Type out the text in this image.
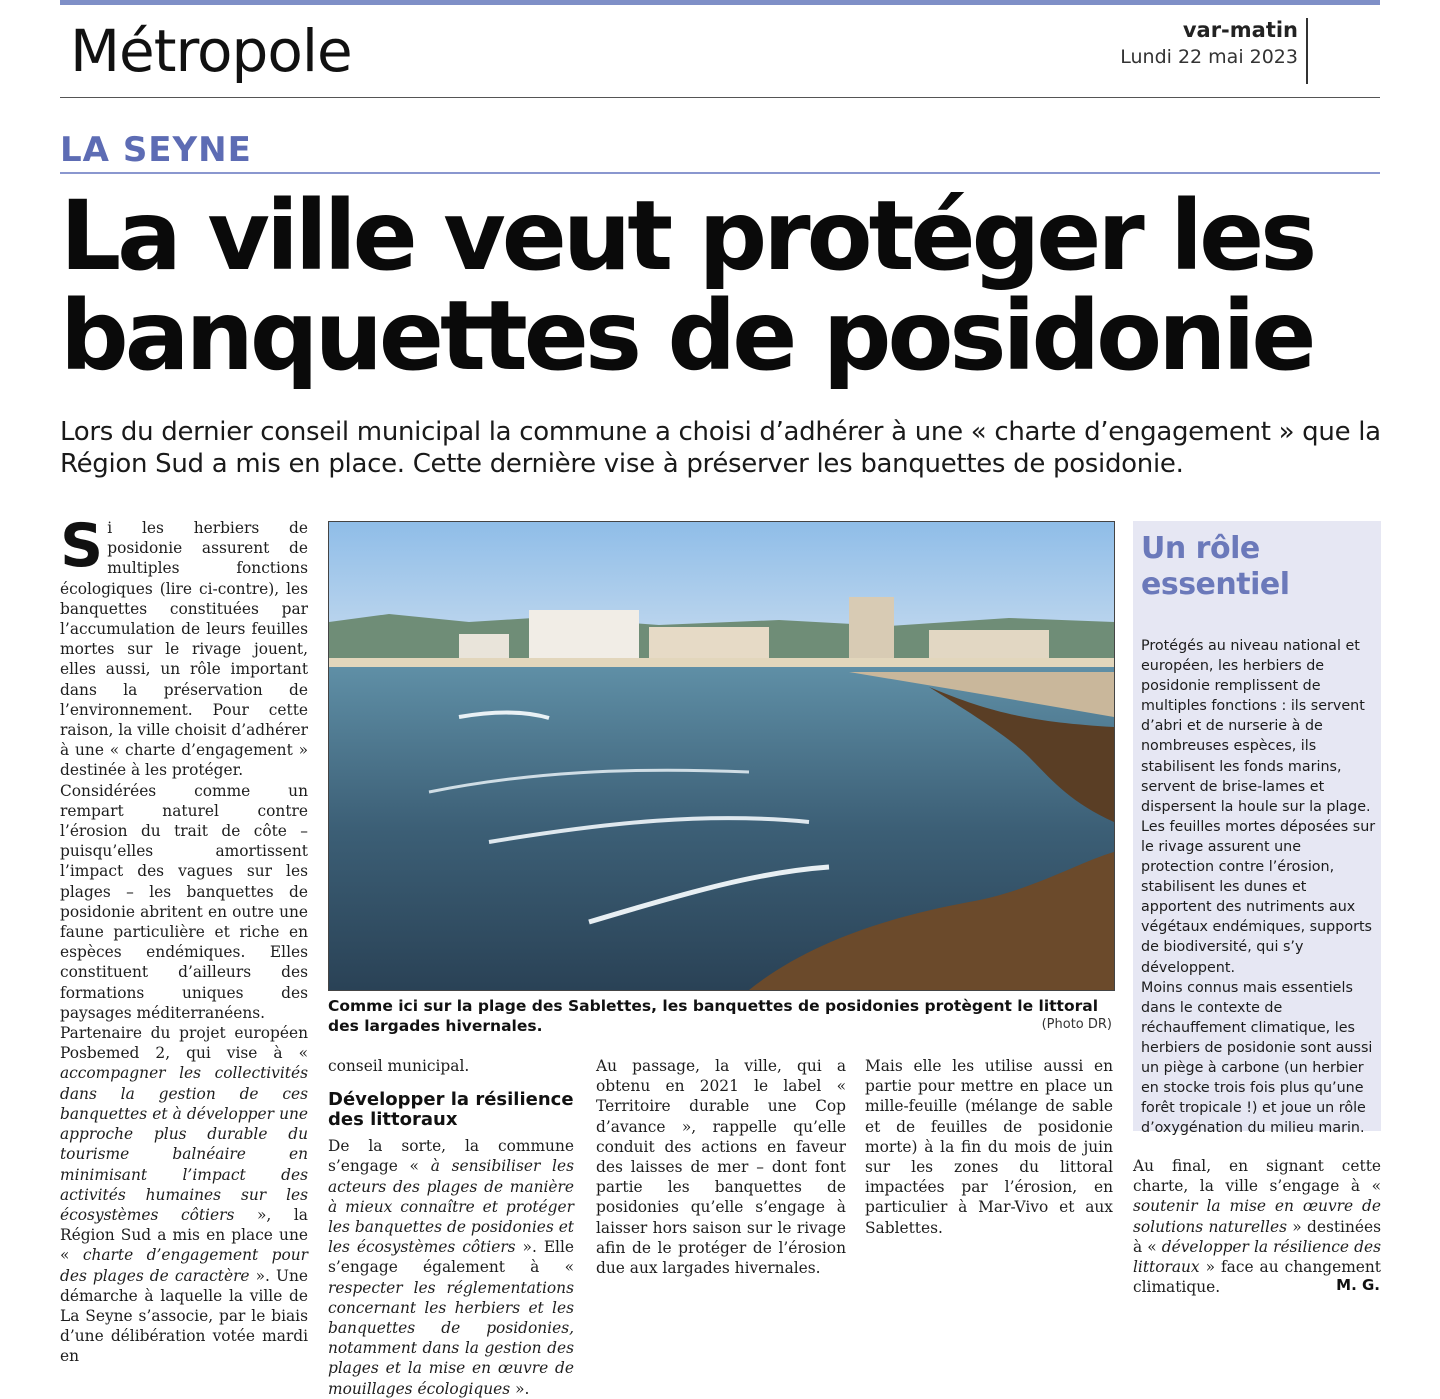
Métropole	var-matin
Lundi 22 mai 2023
LA SEYNE
La ville veut protéger les banquettes de posidonie
Lors du dernier conseil municipal la commune a choisi d’adhérer à une « charte d’engagement » que la Région Sud a mis en place. Cette dernière vise à préserver les banquettes de posidonie.

Si les herbiers de posidonie assurent de multiples fonctions écologiques (lire ci-contre), les banquettes constituées par l’accumulation de leurs feuilles mortes sur le rivage jouent, elles aussi, un rôle important dans la préservation de l’environnement. Pour cette raison, la ville choisit d’adhérer à une « charte d’engagement » destinée à les protéger.

Considérées comme un rempart naturel contre l’érosion du trait de côte – puisqu’elles amortissent l’impact des vagues sur les plages – les banquettes de posidonie abritent en outre une faune particulière et riche en espèces endémiques. Elles constituent d’ailleurs des formations uniques des paysages méditerranéens.

Partenaire du projet européen Posbemed 2, qui vise à « accompagner les collectivités dans la gestion de ces banquettes et à développer une approche plus durable du tourisme balnéaire en minimisant l’impact des activités humaines sur les écosystèmes côtiers », la Région Sud a mis en place une « charte d’engagement pour des plages de caractère ». Une démarche à laquelle la ville de La Seyne s’associe, par le biais d’une délibération votée mardi en

Comme ici sur la plage des Sablettes, les banquettes de posidonies protègent le littoral des largades hivernales.	(Photo DR)

conseil municipal.

Développer la résilience des littoraux

De la sorte, la commune s’engage « à sensibiliser les acteurs des plages de manière à mieux connaître et protéger les banquettes de posidonies et les écosystèmes côtiers ». Elle s’engage également à « respecter les réglementations concernant les herbiers et les banquettes de posidonies, notamment dans la gestion des plages et la mise en œuvre de mouillages écologiques ».

Au passage, la ville, qui a obtenu en 2021 le label « Territoire durable une Cop d’avance », rappelle qu’elle conduit des actions en faveur des laisses de mer – dont font partie les banquettes de posidonies qu’elle s’engage à laisser hors saison sur le rivage afin de le protéger de l’érosion due aux largades hivernales.

Mais elle les utilise aussi en partie pour mettre en place un mille-feuille (mélange de sable et de feuilles de posidonie morte) à la fin du mois de juin sur les zones du littoral impactées par l’érosion, en particulier à Mar-Vivo et aux Sablettes.

Un rôle essentiel

Protégés au niveau national et européen, les herbiers de posidonie remplissent de multiples fonctions : ils servent d’abri et de nurserie à de nombreuses espèces, ils stabilisent les fonds marins, servent de brise-lames et dispersent la houle sur la plage. Les feuilles mortes déposées sur le rivage assurent une protection contre l’érosion, stabilisent les dunes et apportent des nutriments aux végétaux endémiques, supports de biodiversité, qui s’y développent.

Moins connus mais essentiels dans le contexte de réchauffement climatique, les herbiers de posidonie sont aussi un piège à carbone (un herbier en stocke trois fois plus qu’une forêt tropicale !) et joue un rôle d’oxygénation du milieu marin.

Au final, en signant cette charte, la ville s’engage à « soutenir la mise en œuvre de solutions naturelles » destinées à « développer la résilience des littoraux » face au changement climatique.	M. G.
